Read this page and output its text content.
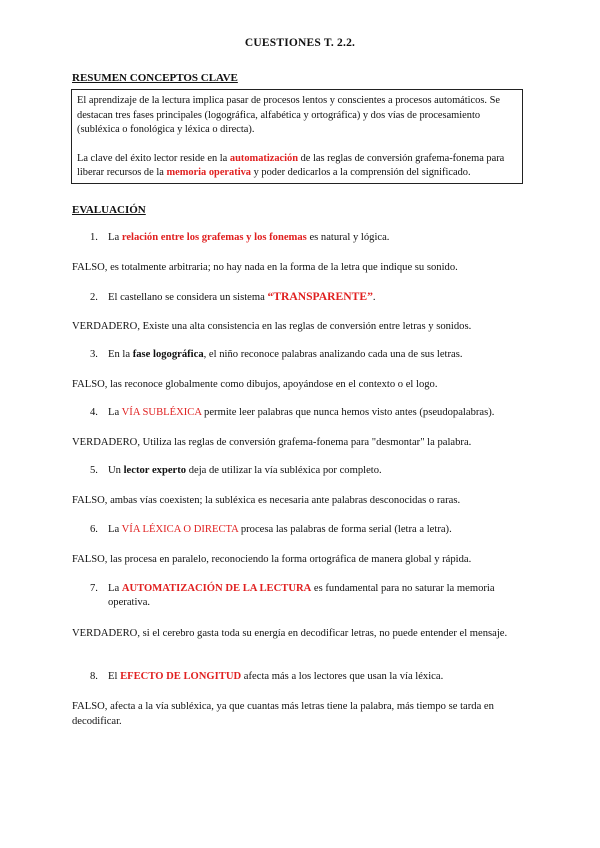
CUESTIONES T. 2.2.
RESUMEN CONCEPTOS CLAVE

El aprendizaje de la lectura implica pasar de procesos lentos y conscientes a procesos automáticos. Se destacan tres fases principales (logográfica, alfabética y ortográfica) y dos vías de procesamiento (subléxica o fonológica y léxica o directa).

La clave del éxito lector reside en la automatización de las reglas de conversión grafema-fonema para liberar recursos de la memoria operativa y poder dedicarlos a la comprensión del significado.

EVALUACIÓN
1. La relación entre los grafemas y los fonemas es natural y lógica.
FALSO, es totalmente arbitraria; no hay nada en la forma de la letra que indique su sonido.
2. El castellano se considera un sistema “TRANSPARENTE”.
VERDADERO, Existe una alta consistencia en las reglas de conversión entre letras y sonidos.
3. En la fase logográfica, el niño reconoce palabras analizando cada una de sus letras.
FALSO, las reconoce globalmente como dibujos, apoyándose en el contexto o el logo.
4. La VÍA SUBLÉXICA permite leer palabras que nunca hemos visto antes (pseudopalabras).
VERDADERO, Utiliza las reglas de conversión grafema-fonema para "desmontar" la palabra.
5. Un lector experto deja de utilizar la vía subléxica por completo.
FALSO, ambas vías coexisten; la subléxica es necesaria ante palabras desconocidas o raras.
6. La VÍA LÉXICA O DIRECTA procesa las palabras de forma serial (letra a letra).
FALSO, las procesa en paralelo, reconociendo la forma ortográfica de manera global y rápida.
7. La AUTOMATIZACIÓN DE LA LECTURA es fundamental para no saturar la memoria
operativa.
VERDADERO, si el cerebro gasta toda su energía en decodificar letras, no puede entender el mensaje.
8. El EFECTO DE LONGITUD afecta más a los lectores que usan la vía léxica.
FALSO, afecta a la vía subléxica, ya que cuantas más letras tiene la palabra, más tiempo se tarda en decodificar.
